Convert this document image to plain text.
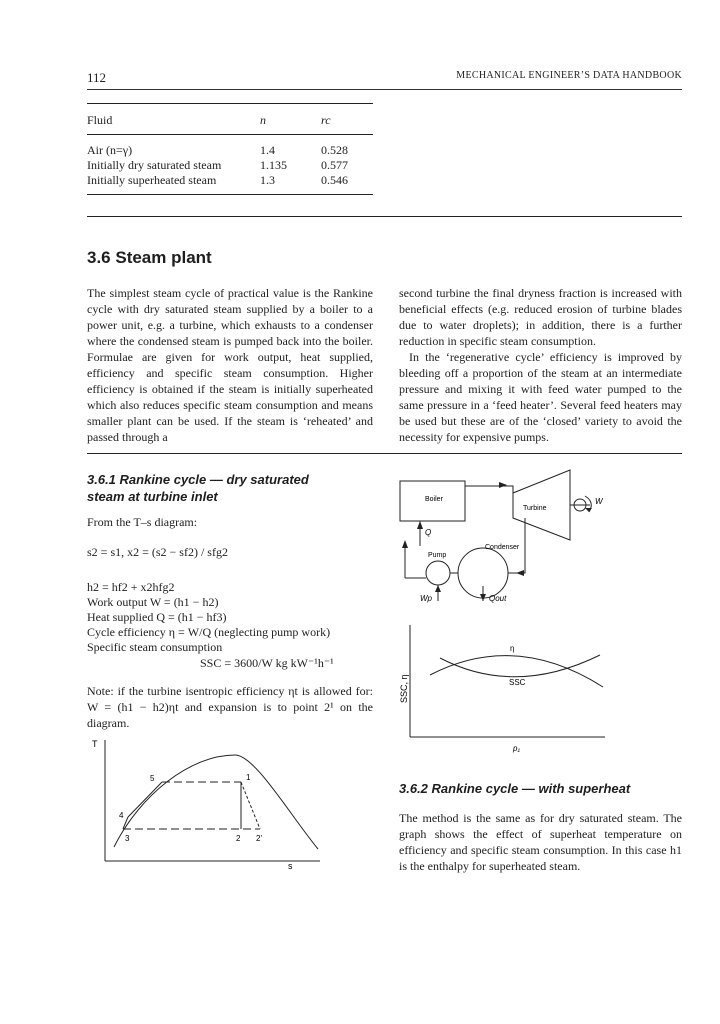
112	MECHANICAL ENGINEER’S DATA HANDBOOK
Fluid	n	rc
Air (n=γ)	1.4	0.528
Initially dry saturated steam	1.135	0.577
Initially superheated steam	1.3	0.546
3.6 Steam plant
The simplest steam cycle of practical value is the Rankine cycle with dry saturated steam supplied by a boiler to a power unit, e.g. a turbine, which exhausts to a condenser where the condensed steam is pumped back into the boiler. Formulae are given for work output, heat supplied, efficiency and specific steam consumption. Higher efficiency is obtained if the steam is initially superheated which also reduces specific steam consumption and means smaller plant can be used. If the steam is ‘reheated’ and passed through a
second turbine the final dryness fraction is increased with beneficial effects (e.g. reduced erosion of turbine blades due to water droplets); in addition, there is a further reduction in specific steam consumption.
In the ‘regenerative cycle’ efficiency is improved by bleeding off a proportion of the steam at an intermediate pressure and mixing it with feed water pumped to the same pressure in a ‘feed heater’. Several feed heaters may be used but these are of the ‘closed’ variety to avoid the necessity for expensive pumps.
3.6.1 Rankine cycle — dry saturated
steam at turbine inlet
From the T–s diagram:
s2 = s1, x2 = (s2 − sf2) / sfg2
h2 = hf2 + x2hfg2
Work output W = (h1 − h2)
Heat supplied Q = (h1 − hf3)
Cycle efficiency η = W/Q (neglecting pump work)
Specific steam consumption
SSC = 3600/W kg kW⁻¹h⁻¹
Note: if the turbine isentropic efficiency ηt is allowed for: W = (h1 − h2)ηt and expansion is to point 2¹ on the diagram.
T
s
1
2 2'
3
4
5
Boiler
Turbine
W
Q
Pump
Condenser
Wp	Qout
η
SSC
SSC, η
p₁
3.6.2 Rankine cycle — with superheat
The method is the same as for dry saturated steam. The graph shows the effect of superheat temperature on efficiency and specific steam consumption. In this case h1 is the enthalpy for superheated steam.
